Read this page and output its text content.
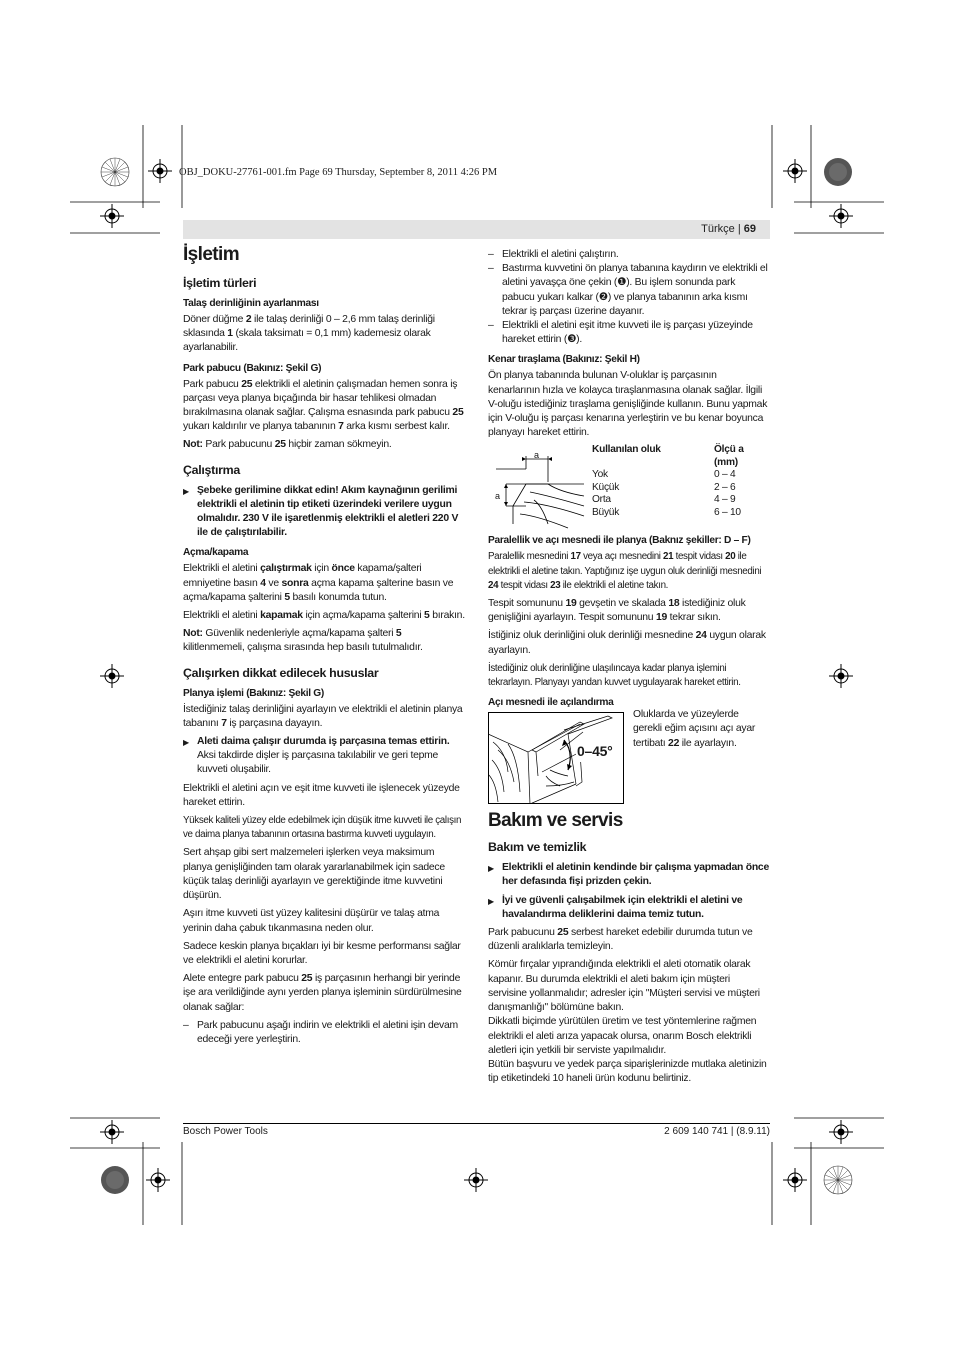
OBJ_DOKU-27761-001.fm Page 69 Thursday, September 8, 2011 4:26 PM
Türkçe | 69
İşletim
İşletim türleri
Talaş derinliğinin ayarlanması

Döner düğme 2 ile talaş derinliği 0 – 2,6 mm talaş derinliği sklasında 1 (skala taksimatı = 0,1 mm) kademesiz olarak ayarlanabilir.

Park pabucu (Bakınız: Şekil G)

Park pabucu 25 elektrikli el aletinin çalışmadan hemen sonra iş parçası veya planya bıçağında bir hasar tehlikesi olmadan bırakılmasına olanak sağlar. Çalışma esnasında park pabucu 25 yukarı kaldırılır ve planya tabanının 7 arka kısmı serbest kalır.

Not: Park pabucunu 25 hiçbir zaman sökmeyin.

Çalıştırma
▶ Şebeke gerilimine dikkat edin! Akım kaynağının gerilimi elektrikli el aletinin tip etiketi üzerindeki verilere uygun olmalıdır. 230 V ile işaretlenmiş elektrikli el aletleri 220 V ile de çalıştırılabilir.
Açma/kapama

Elektrikli el aletini çalıştırmak için önce kapama/şalteri emniyetine basın 4 ve sonra açma kapama şalterine basın ve açma/kapama şalterini 5 basılı konumda tutun.

Elektrikli el aletini kapamak için açma/kapama şalterini 5 bırakın.

Not: Güvenlik nedenleriyle açma/kapama şalteri 5 kilitlenmemeli, çalışma sırasında hep basılı tutulmalıdır.

Çalışırken dikkat edilecek hususlar
Planya işlemi (Bakınız: Şekil G)

İstediğiniz talaş derinliğini ayarlayın ve elektrikli el aletinin planya tabanını 7 iş parçasına dayayın.

▶ Aleti daima çalışır durumda iş parçasına temas ettirin.
Aksi takdirde dişler iş parçasına takılabilir ve geri tepme kuvveti oluşabilir.

Elektrikli el aletini açın ve eşit itme kuvveti ile işlenecek yüzeyde hareket ettirin.

Yüksek kaliteli yüzey elde edebilmek için düşük itme kuvveti ile çalışın ve daima planya tabanının ortasına bastırma kuvveti uygulayın.

Sert ahşap gibi sert malzemeleri işlerken veya maksimum planya genişliğinden tam olarak yararlanabilmek için sadece küçük talaş derinliği ayarlayın ve gerektiğinde itme kuvvetini düşürün.

Aşırı itme kuvveti üst yüzey kalitesini düşürür ve talaş atma yerinin daha çabuk tıkanmasına neden olur.

Sadece keskin planya bıçakları iyi bir kesme performansı sağlar ve elektrikli el aletini korurlar.

Alete entegre park pabucu 25 iş parçasının herhangi bir yerinde işe ara verildiğinde aynı yerden planya işleminin sürdürülmesine olanak sağlar:

– Park pabucunu aşağı indirin ve elektrikli el aletini işin devam edeceği yere yerleştirin.
– Elektrikli el aletini çalıştırın.
– Bastırma kuvvetini ön planya tabanına kaydırın ve elektrikli el aletini yavaşça öne çekin (❶). Bu işlem sonunda park pabucu yukarı kalkar (❷) ve planya tabanının arka kısmı tekrar iş parçası üzerine dayanır.
– Elektrikli el aletini eşit itme kuvveti ile iş parçası yüzeyinde hareket ettirin (❸).
Kenar tıraşlama (Bakınız: Şekil H)

Ön planya tabanında bulunan V-oluklar iş parçasının kenarlarının hızla ve kolayca tıraşlanmasına olanak sağlar. İlgili V-oluğu istediğiniz tıraşlama genişliğinde kullanın. Bunu yapmak için V-oluğu iş parçası kenarına yerleştirin ve bu kenar boyunca planyayı hareket ettirin.

a
a
Kullanılan oluk	Ölçü a
(mm)
Yok	0 – 4
Küçük	2 – 6
Orta	4 – 9
Büyük	6 – 10
Paralellik ve açı mesnedi ile planya (Baknız şekiller: D – F)

Paralellik mesnedini 17 veya açı mesnedini 21 tespit vidası 20 ile elektrikli el aletine takın. Yaptığınız işe uygun oluk derinliği mesnedini 24 tespit vidası 23 ile elektrikli el aletine takın.

Tespit somununu 19 gevşetin ve skalada 18 istediğiniz oluk genişliğini ayarlayın. Tespit somununu 19 tekrar sıkın.

İstiğiniz oluk derinliğini oluk derinliği mesnedine 24 uygun olarak ayarlayın.

İstediğiniz oluk derinliğine ulaşılıncaya kadar planya işlemini tekrarlayın. Planyayı yandan kuvvet uygulayarak hareket ettirin.

Açı mesnedi ile açılandırma
0–45°

Oluklarda ve yüzeylerde gerekli eğim açısını açı ayar tertibatı 22 ile ayarlayın.

Bakım ve servis
Bakım ve temizlik
▶ Elektrikli el aletinin kendinde bir çalışma yapmadan önce her defasında fişi prizden çekin.
▶ İyi ve güvenli çalışabilmek için elektrikli el aletini ve havalandırma deliklerini daima temiz tutun.

Park pabucunu 25 serbest hareket edebilir durumda tutun ve düzenli aralıklarla temizleyin.

Kömür fırçalar yıprandığında elektrikli el aleti otomatik olarak kapanır. Bu durumda elektrikli el aleti bakım için müşteri servisine yollanmalıdır; adresler için "Müşteri servisi ve müşteri danışmanlığı" bölümüne bakın.

Dikkatli biçimde yürütülen üretim ve test yöntemlerine rağmen elektrikli el aleti arıza yapacak olursa, onarım Bosch elektrikli aletleri için yetkili bir serviste yapılmalıdır.

Bütün başvuru ve yedek parça siparişlerinizde mutlaka aletinizin tip etiketindeki 10 haneli ürün kodunu belirtiniz.

Bosch Power Tools	2 609 140 741 | (8.9.11)
